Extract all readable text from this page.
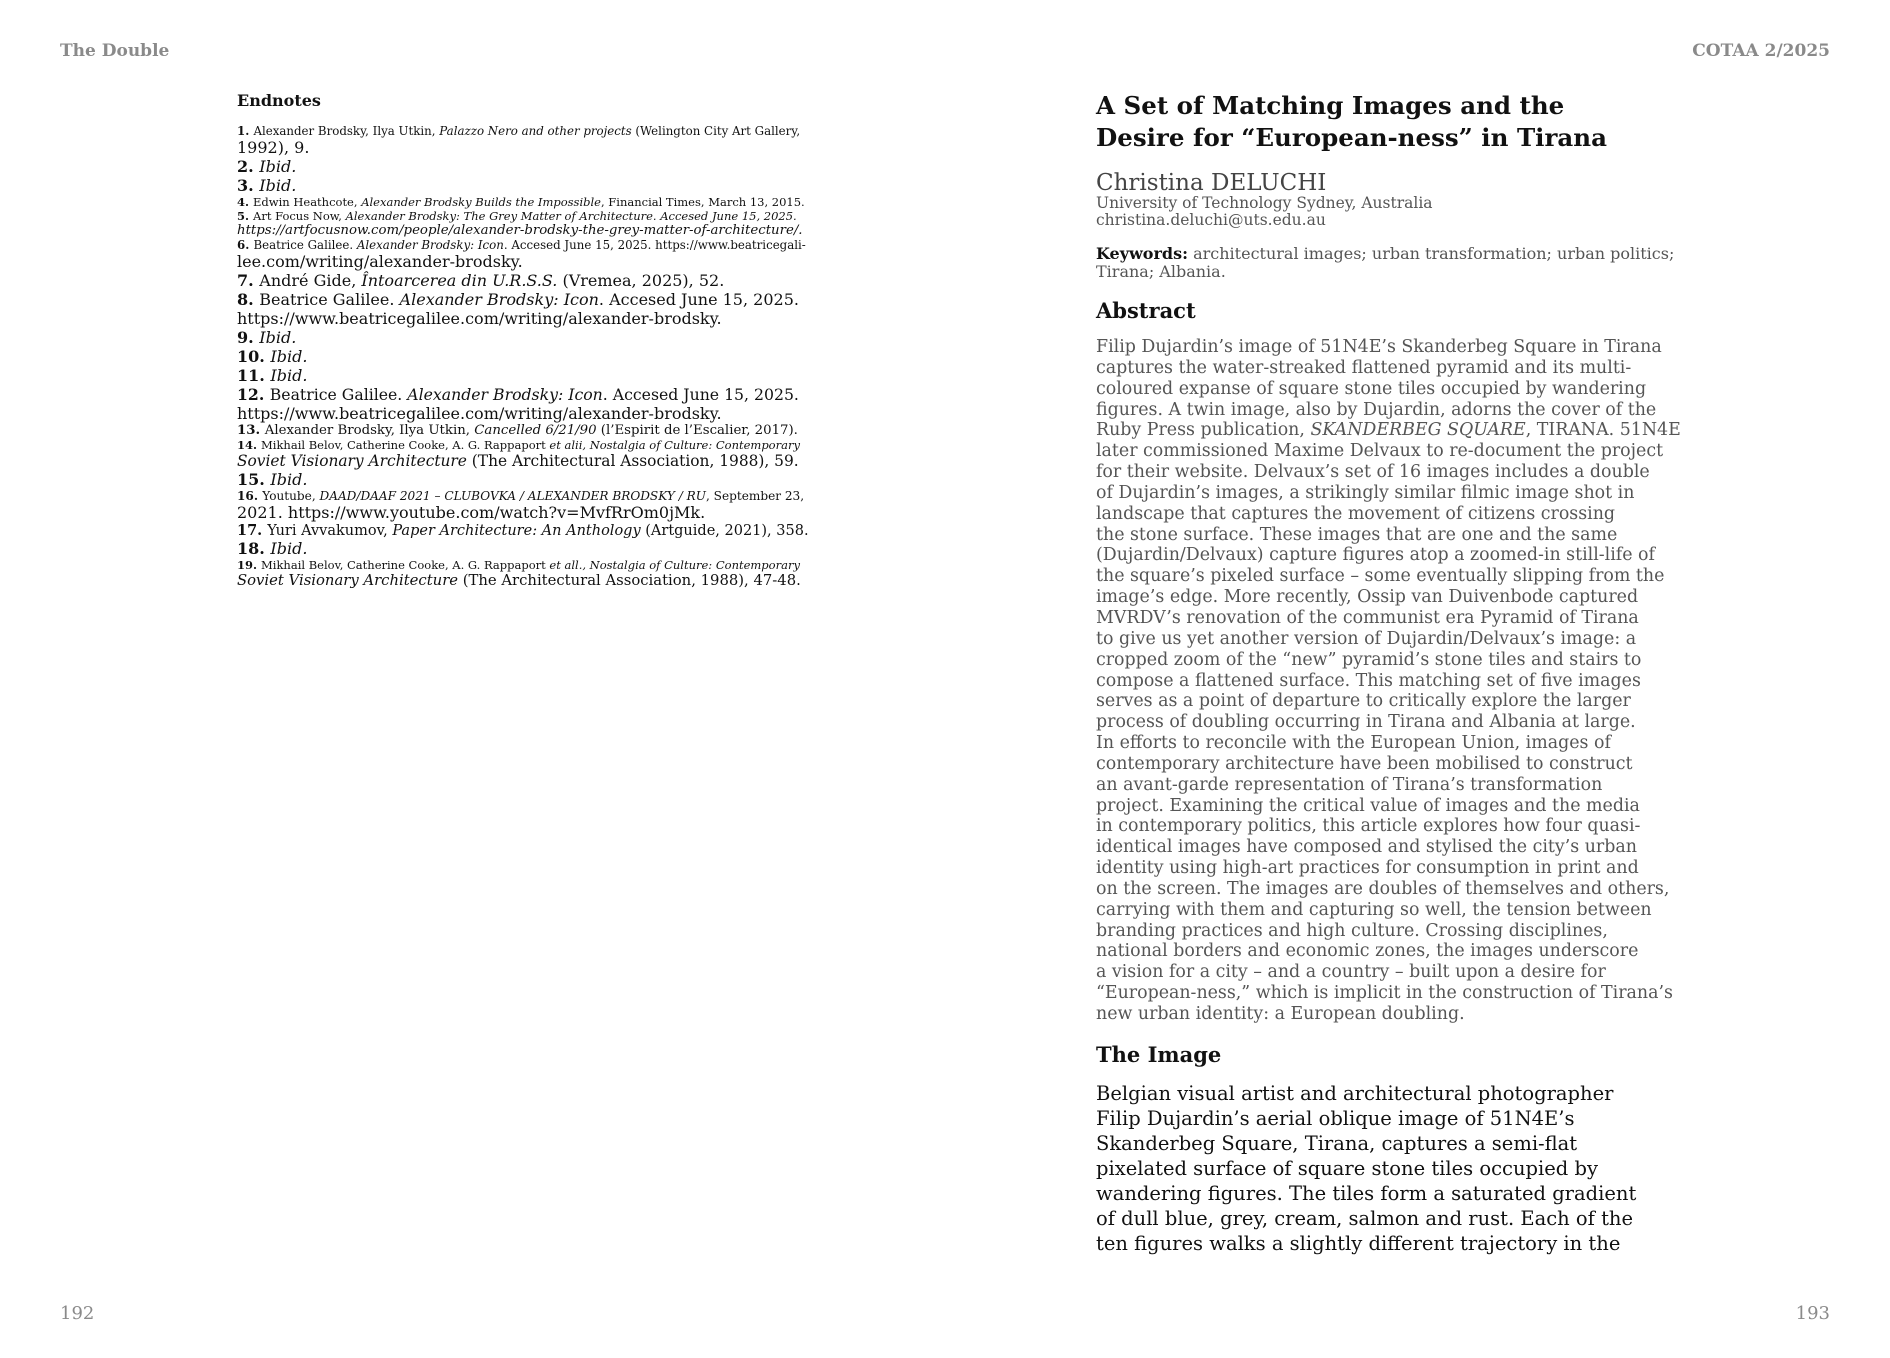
The Double	COTAA 2/2025
Endnotes
1. Alexander Brodsky, Ilya Utkin, Palazzo Nero and other projects (Welington City Art Gallery,
1992), 9.
2. Ibid.
3. Ibid.
4. Edwin Heathcote, Alexander Brodsky Builds the Impossible, Financial Times, March 13, 2015.
5. Art Focus Now, Alexander Brodsky: The Grey Matter of Architecture. Accesed June 15, 2025.
https://artfocusnow.com/people/alexander-brodsky-the-grey-matter-of-architecture/.
6. Beatrice Galilee. Alexander Brodsky: Icon. Accesed June 15, 2025. https://www.beatricegali-
lee.com/writing/alexander-brodsky.
7. André Gide, Întoarcerea din U.R.S.S. (Vremea, 2025), 52.
8. Beatrice Galilee. Alexander Brodsky: Icon. Accesed June 15, 2025.
https://www.beatricegalilee.com/writing/alexander-brodsky.
9. Ibid.
10. Ibid.
11. Ibid.
12. Beatrice Galilee. Alexander Brodsky: Icon. Accesed June 15, 2025.
https://www.beatricegalilee.com/writing/alexander-brodsky.
13. Alexander Brodsky, Ilya Utkin, Cancelled 6/21/90 (l’Espirit de l’Escalier, 2017).
14. Mikhail Belov, Catherine Cooke, A. G. Rappaport et alii, Nostalgia of Culture: Contemporary
Soviet Visionary Architecture (The Architectural Association, 1988), 59.
15. Ibid.
16. Youtube, DAAD/DAAF 2021 – CLUBOVKA / ALEXANDER BRODSKY / RU, September 23,
2021. https://www.youtube.com/watch?v=MvfRrOm0jMk.
17. Yuri Avvakumov, Paper Architecture: An Anthology (Artguide, 2021), 358.
18. Ibid.
19. Mikhail Belov, Catherine Cooke, A. G. Rappaport et all., Nostalgia of Culture: Contemporary
Soviet Visionary Architecture (The Architectural Association, 1988), 47-48.
A Set of Matching Images and the
Desire for “European-ness” in Tirana
Christina DELUCHI
University of Technology Sydney, Australia
christina.deluchi@uts.edu.au
Keywords: architectural images; urban transformation; urban politics;
Tirana; Albania.
Abstract
Filip Dujardin’s image of 51N4E’s Skanderbeg Square in Tirana
captures the water-streaked flattened pyramid and its multi-
coloured expanse of square stone tiles occupied by wandering
figures. A twin image, also by Dujardin, adorns the cover of the
Ruby Press publication, SKANDERBEG SQUARE, TIRANA. 51N4E
later commissioned Maxime Delvaux to re-document the project
for their website. Delvaux’s set of 16 images includes a double
of Dujardin’s images, a strikingly similar filmic image shot in
landscape that captures the movement of citizens crossing
the stone surface. These images that are one and the same
(Dujardin/Delvaux) capture figures atop a zoomed-in still-life of
the square’s pixeled surface – some eventually slipping from the
image’s edge. More recently, Ossip van Duivenbode captured
MVRDV’s renovation of the communist era Pyramid of Tirana
to give us yet another version of Dujardin/Delvaux’s image: a
cropped zoom of the “new” pyramid’s stone tiles and stairs to
compose a flattened surface. This matching set of five images
serves as a point of departure to critically explore the larger
process of doubling occurring in Tirana and Albania at large.
In efforts to reconcile with the European Union, images of
contemporary architecture have been mobilised to construct
an avant-garde representation of Tirana’s transformation
project. Examining the critical value of images and the media
in contemporary politics, this article explores how four quasi-
identical images have composed and stylised the city’s urban
identity using high-art practices for consumption in print and
on the screen. The images are doubles of themselves and others,
carrying with them and capturing so well, the tension between
branding practices and high culture. Crossing disciplines,
national borders and economic zones, the images underscore
a vision for a city – and a country – built upon a desire for
“European-ness,” which is implicit in the construction of Tirana’s
new urban identity: a European doubling.
The Image
Belgian visual artist and architectural photographer
Filip Dujardin’s aerial oblique image of 51N4E’s
Skanderbeg Square, Tirana, captures a semi-flat
pixelated surface of square stone tiles occupied by
wandering figures. The tiles form a saturated gradient
of dull blue, grey, cream, salmon and rust. Each of the
ten figures walks a slightly different trajectory in the
192	193
